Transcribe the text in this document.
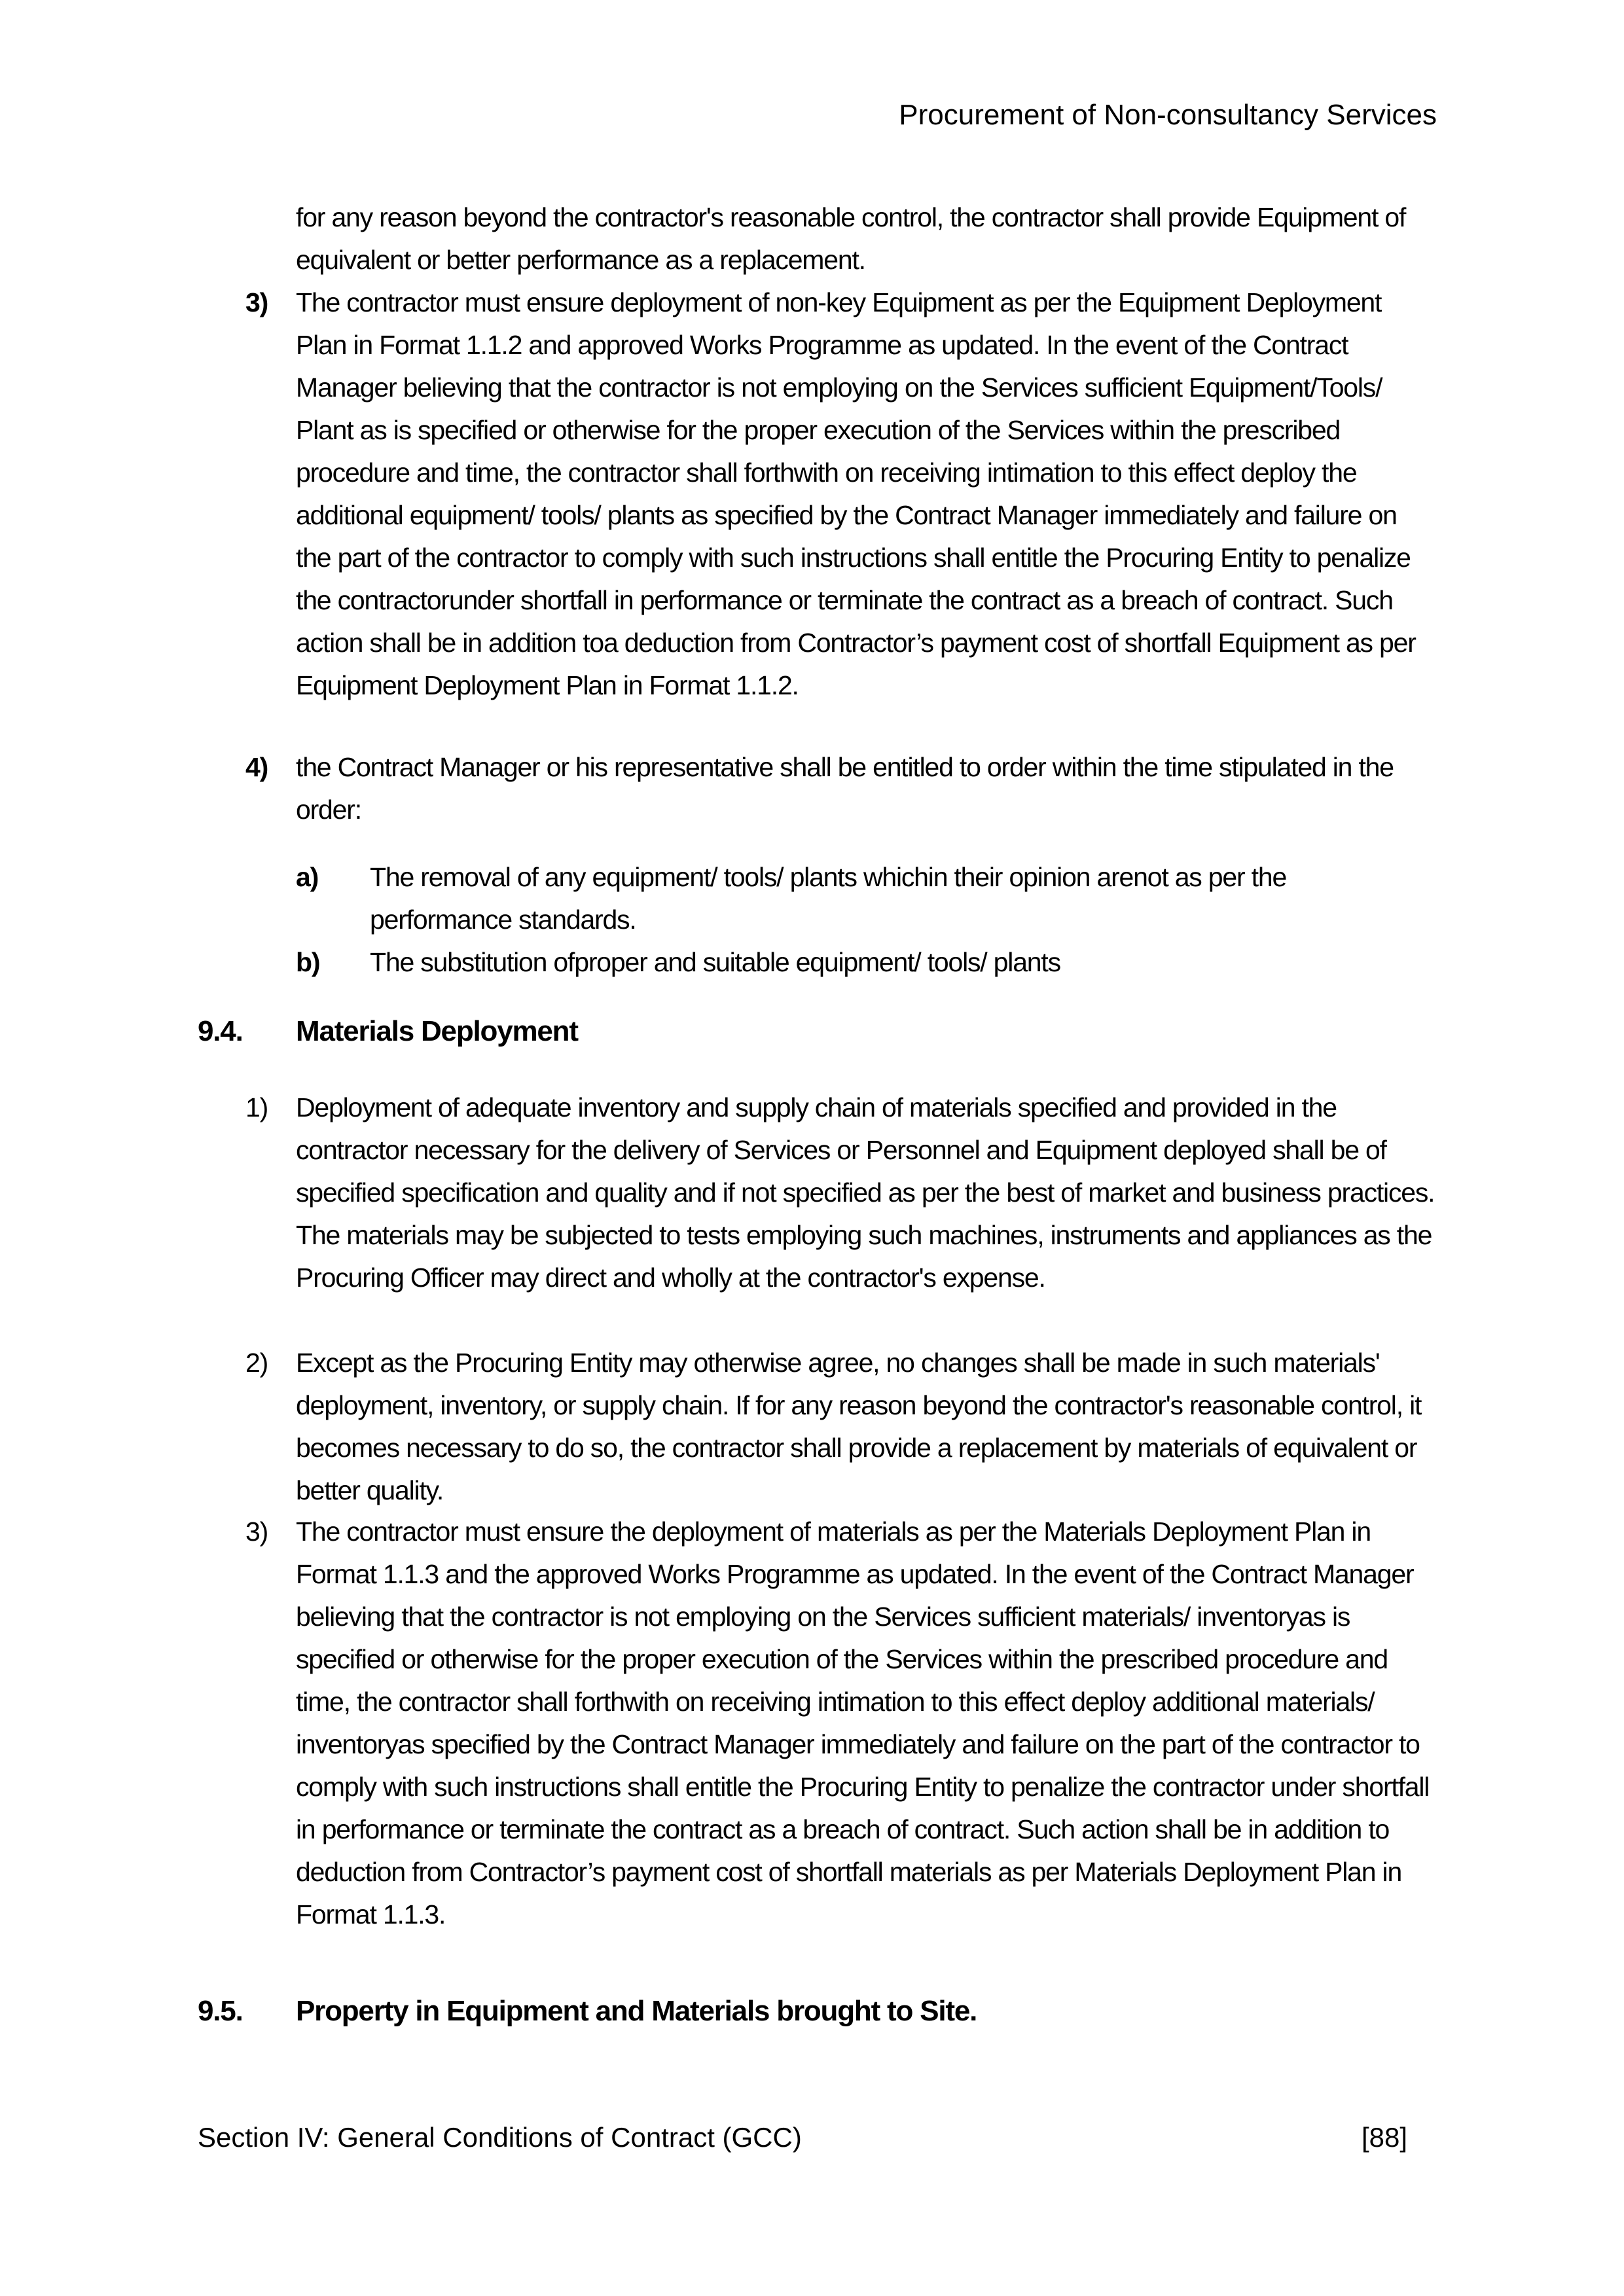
Procurement of Non-consultancy Services
for any reason beyond the contractor's reasonable control, the contractor shall provide Equipment of equivalent or better performance as a replacement.
3) The contractor must ensure deployment of non-key Equipment as per the Equipment Deployment Plan in Format 1.1.2 and approved Works Programme as updated. In the event of the Contract Manager believing that the contractor is not employing on the Services sufficient Equipment/Tools/ Plant as is specified or otherwise for the proper execution of the Services within the prescribed procedure and time, the contractor shall forthwith on receiving intimation to this effect deploy the additional equipment/ tools/ plants as specified by the Contract Manager immediately and failure on the part of the contractor to comply with such instructions shall entitle the Procuring Entity to penalize the contractorunder shortfall in performance or terminate the contract as a breach of contract. Such action shall be in addition toa deduction from Contractor’s payment cost of shortfall Equipment as per Equipment Deployment Plan in Format 1.1.2.
4) the Contract Manager or his representative shall be entitled to order within the time stipulated in the order:
a) The removal of any equipment/ tools/ plants whichin their opinion arenot as per the performance standards.
b) The substitution ofproper and suitable equipment/ tools/ plants
9.4. Materials Deployment
1) Deployment of adequate inventory and supply chain of materials specified and provided in the contractor necessary for the delivery of Services or Personnel and Equipment deployed shall be of specified specification and quality and if not specified as per the best of market and business practices. The materials may be subjected to tests employing such machines, instruments and appliances as the Procuring Officer may direct and wholly at the contractor's expense.
2) Except as the Procuring Entity may otherwise agree, no changes shall be made in such materials' deployment, inventory, or supply chain. If for any reason beyond the contractor's reasonable control, it becomes necessary to do so, the contractor shall provide a replacement by materials of equivalent or better quality.
3) The contractor must ensure the deployment of materials as per the Materials Deployment Plan in Format 1.1.3 and the approved Works Programme as updated. In the event of the Contract Manager believing that the contractor is not employing on the Services sufficient materials/ inventoryas is specified or otherwise for the proper execution of the Services within the prescribed procedure and time, the contractor shall forthwith on receiving intimation to this effect deploy additional materials/ inventoryas specified by the Contract Manager immediately and failure on the part of the contractor to comply with such instructions shall entitle the Procuring Entity to penalize the contractor under shortfall in performance or terminate the contract as a breach of contract. Such action shall be in addition to deduction from Contractor’s payment cost of shortfall materials as per Materials Deployment Plan in Format 1.1.3.
9.5. Property in Equipment and Materials brought to Site.
Section IV: General Conditions of Contract (GCC)	[88]
